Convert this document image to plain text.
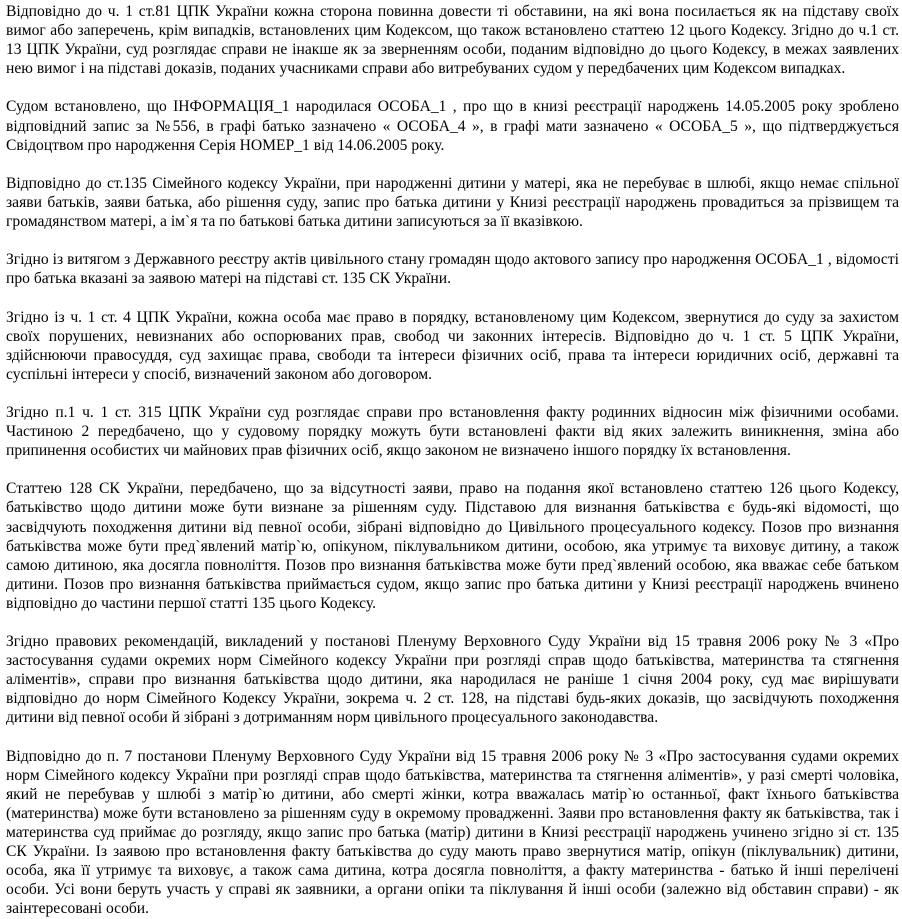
Відповідно до ч. 1 ст.81 ЦПК України кожна сторона повинна довести ті обставини, на які вона посилається як на підставу своїх вимог або заперечень, крім випадків, встановлених цим Кодексом, що також встановлено статтею 12 цього Кодексу. Згідно до ч.1 ст. 13 ЦПК України, суд розглядає справи не інакше як за зверненням особи, поданим відповідно до цього Кодексу, в межах заявлених нею вимог і на підставі доказів, поданих учасниками справи або витребуваних судом у передбачених цим Кодексом випадках.

Судом встановлено, що ІНФОРМАЦІЯ_1 народилася ОСОБА_1 , про що в книзі реєстрації народжень 14.05.2005 року зроблено відповідний запис за №556, в графі батько зазначено « ОСОБА_4 », в графі мати зазначено « ОСОБА_5 », що підтверджується Свідоцтвом про народження Серія НОМЕР_1 від 14.06.2005 року.

Відповідно до ст.135 Сімейного кодексу України, при народженні дитини у матері, яка не перебуває в шлюбі, якщо немає спільної заяви батьків, заяви батька, або рішення суду, запис про батька дитини у Книзі реєстрації народжень провадиться за прізвищем та громадянством матері, а ім`я та по батькові батька дитини записуються за її вказівкою.

Згідно із витягом з Державного реєстру актів цивільного стану громадян щодо актового запису про народження ОСОБА_1 , відомості про батька вказані за заявою матері на підставі ст. 135 СК України.

Згідно із ч. 1 ст. 4 ЦПК України, кожна особа має право в порядку, встановленому цим Кодексом, звернутися до суду за захистом своїх порушених, невизнаних або оспорюваних прав, свобод чи законних інтересів. Відповідно до ч. 1 ст. 5 ЦПК України, здійснюючи правосуддя, суд захищає права, свободи та інтереси фізичних осіб, права та інтереси юридичних осіб, державні та суспільні інтереси у спосіб, визначений законом або договором.

Згідно п.1 ч. 1 ст. 315 ЦПК України суд розглядає справи про встановлення факту родинних відносин між фізичними особами. Частиною 2 передбачено, що у судовому порядку можуть бути встановлені факти від яких залежить виникнення, зміна або припинення особистих чи майнових прав фізичних осіб, якщо законом не визначено іншого порядку їх встановлення.

Статтею 128 СК України, передбачено, що за відсутності заяви, право на подання якої встановлено статтею 126 цього Кодексу, батьківство щодо дитини може бути визнане за рішенням суду. Підставою для визнання батьківства є будь-які відомості, що засвідчують походження дитини від певної особи, зібрані відповідно до Цивільного процесуального кодексу. Позов про визнання батьківства може бути пред`явлений матір`ю, опікуном, піклувальником дитини, особою, яка утримує та виховує дитину, а також самою дитиною, яка досягла повноліття. Позов про визнання батьківства може бути пред`явлений особою, яка вважає себе батьком дитини. Позов про визнання батьківства приймається судом, якщо запис про батька дитини у Книзі реєстрації народжень вчинено відповідно до частини першої статті 135 цього Кодексу.

Згідно правових рекомендацій, викладений у постанові Пленуму Верховного Суду України від 15 травня 2006 року № 3 «Про застосування судами окремих норм Сімейного кодексу України при розгляді справ щодо батьківства, материнства та стягнення аліментів», справи про визнання батьківства щодо дитини, яка народилася не раніше 1 січня 2004 року, суд має вирішувати відповідно до норм Сімейного Кодексу України, зокрема ч. 2 ст. 128, на підставі будь-яких доказів, що засвідчують походження дитини від певної особи й зібрані з дотриманням норм цивільного процесуального законодавства.

Відповідно до п. 7 постанови Пленуму Верховного Суду України від 15 травня 2006 року № 3 «Про застосування судами окремих норм Сімейного кодексу України при розгляді справ щодо батьківства, материнства та стягнення аліментів», у разі смерті чоловіка, який не перебував у шлюбі з матір`ю дитини, або смерті жінки, котра вважалась матір`ю останньої, факт їхнього батьківства (материнства) може бути встановлено за рішенням суду в окремому провадженні. Заяви про встановлення факту як батьківства, так і материнства суд приймає до розгляду, якщо запис про батька (матір) дитини в Книзі реєстрації народжень учинено згідно зі ст. 135 СК України. Із заявою про встановлення факту батьківства до суду мають право звернутися матір, опікун (піклувальник) дитини, особа, яка її утримує та виховує, а також сама дитина, котра досягла повноліття, а факту материнства - батько й інші перелічені особи. Усі вони беруть участь у справі як заявники, а органи опіки та піклування й інші особи (залежно від обставин справи) - як заінтересовані особи.
